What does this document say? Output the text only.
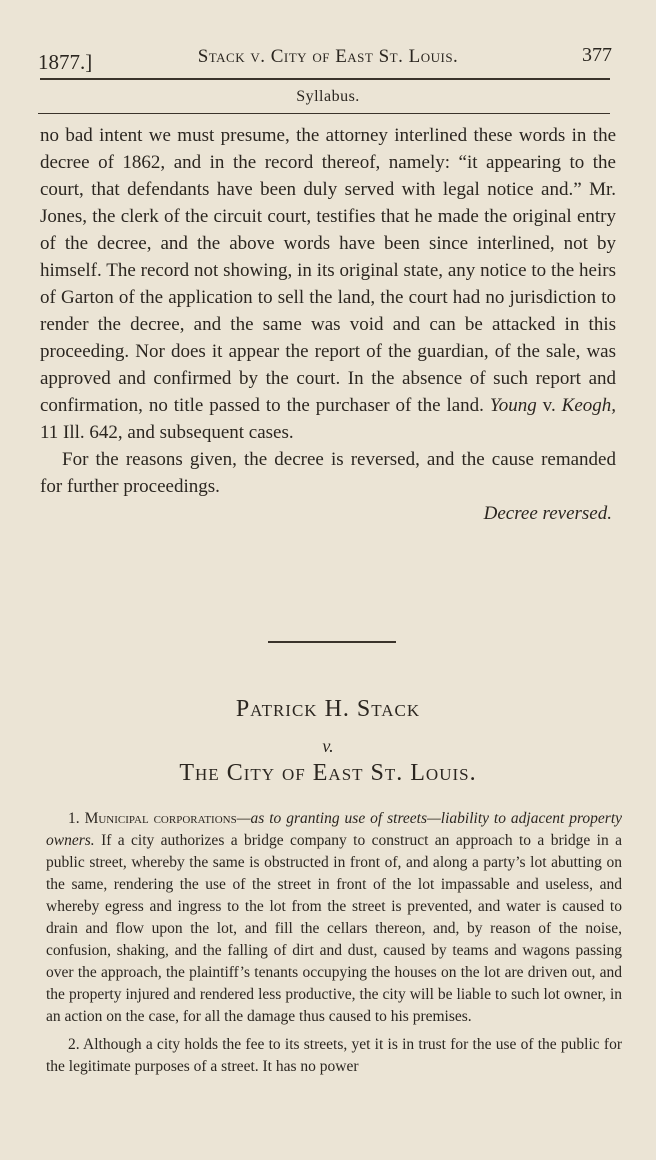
1877.]	Stack v. City of East St. Louis.	377
Syllabus.

no bad intent we must presume, the attorney interlined these words in the decree of 1862, and in the record thereof, namely: “it appearing to the court, that defendants have been duly served with legal notice and.” Mr. Jones, the clerk of the circuit court, testifies that he made the original entry of the decree, and the above words have been since interlined, not by himself. The record not showing, in its original state, any notice to the heirs of Garton of the application to sell the land, the court had no jurisdiction to render the decree, and the same was void and can be attacked in this proceeding. Nor does it appear the report of the guardian, of the sale, was approved and confirmed by the court. In the absence of such report and confirmation, no title passed to the purchaser of the land. Young v. Keogh, 11 Ill. 642, and subsequent cases.

For the reasons given, the decree is reversed, and the cause remanded for further proceedings.

Decree reversed.

Patrick H. Stack
v.
The City of East St. Louis.

1. Municipal corporations—as to granting use of streets—liability to adjacent property owners. If a city authorizes a bridge company to construct an approach to a bridge in a public street, whereby the same is obstructed in front of, and along a party’s lot abutting on the same, rendering the use of the street in front of the lot impassable and useless, and whereby egress and ingress to the lot from the street is prevented, and water is caused to drain and flow upon the lot, and fill the cellars thereon, and, by reason of the noise, confusion, shaking, and the falling of dirt and dust, caused by teams and wagons passing over the approach, the plaintiff’s tenants occupying the houses on the lot are driven out, and the property injured and rendered less productive, the city will be liable to such lot owner, in an action on the case, for all the damage thus caused to his premises.

2. Although a city holds the fee to its streets, yet it is in trust for the use of the public for the legitimate purposes of a street. It has no power
